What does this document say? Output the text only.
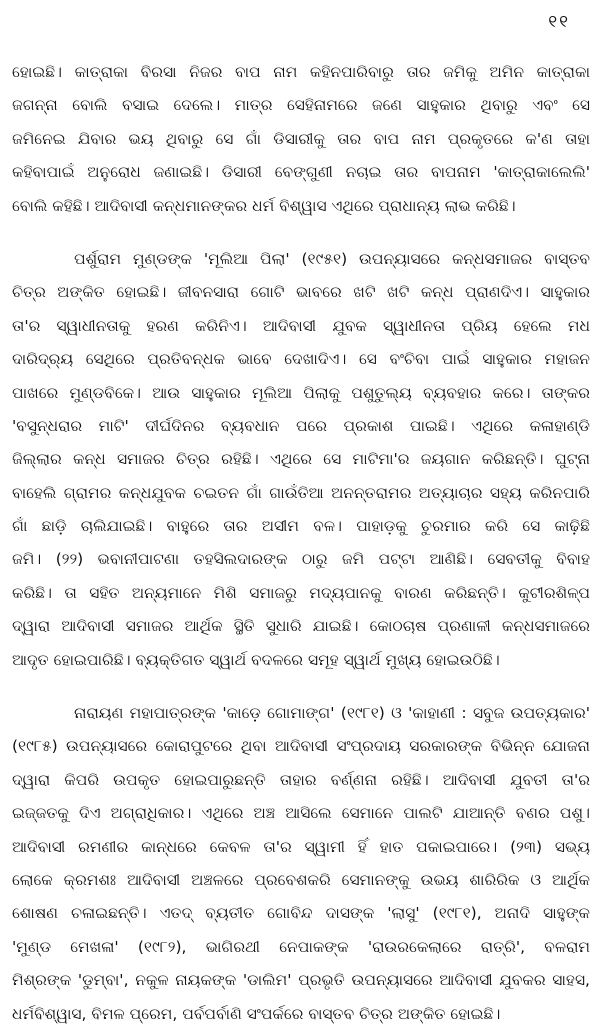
୧୧
ହୋଇଛି। କାତ୍ରାକା ବିରସା ନିଜର ବାପ ନାମ କହିନପାରିବାରୁ ତାର ଜମିକୁ ଅମିନ କାତ୍ରାକା
ଜଗନ୍ନା ବୋଲି ବସାଇ ଦେଲେ। ମାତ୍ର ସେହିନାମରେ ଜଣେ ସାହୁକାର ଥିବାରୁ ଏବଂ ସେ
ଜମିନେଇ ଯିବାର ଭୟ ଥିବାରୁ ସେ ଗାଁ ଡିସାରୀକୁ ତାର ବାପ ନାମ ପ୍ରକୃତରେ କ'ଣ ତାହା
କହିବାପାଇଁ ଅନୁରୋଧ ଜଣାଇଛି। ଡିସାରୀ ବେଙ୍ଗୁଣୀ ନଚାଇ ତାର ବାପନାମ 'କାତ୍ରାକାଲେଲି'
ବୋଲି କହିଛି। ଆଦିବାସୀ କନ୍ଧମାନଙ୍କର ଧର୍ମ ବିଶ୍ୱାସ ଏଥିରେ ପ୍ରାଧାନ୍ୟ ଲାଭ କରିଛି।
ପର୍ଶୁରାମ ମୁଣ୍ଡଙ୍କ 'ମୂଲିଆ ପିଲା' (୧୯୫୧) ଉପନ୍ୟାସରେ କନ୍ଧସମାଜର ବାସ୍ତବ
ଚିତ୍ର ଅଙ୍କିତ ହୋଇଛି। ଜୀବନସାରା ଗୋଟି ଭାବରେ ଖଟି ଖଟି କନ୍ଧ ପ୍ରାଣଦିଏ। ସାହୁକାର
ତା'ର ସ୍ୱାଧୀନତାକୁ ହରଣ କରିନିଏ। ଆଦିବାସୀ ଯୁବକ ସ୍ୱାଧୀନତା ପ୍ରିୟ ହେଲେ ମଧ
ଦାରିଦ୍ର୍ୟ ସେଥିରେ ପ୍ରତିବନ୍ଧକ ଭାବେ ଦେଖାଦିଏ। ସେ ବଂଚିବା ପାଇଁ ସାହୁକାର ମହାଜନ
ପାଖରେ ମୁଣ୍ଡବିକେ। ଆଉ ସାହୁକାର ମୂଲିଆ ପିଲାକୁ ପଶୁତୁଲ୍ୟ ବ୍ୟବହାର କରେ। ତାଙ୍କର
'ବସୁନ୍ଧରାର ମାଟି' ଦୀର୍ଘଦିନର ବ୍ୟବଧାନ ପରେ ପ୍ରକାଶ ପାଇଛି। ଏଥିରେ କଳାହାଣ୍ଡି
ଜିଲ୍ଲାର କନ୍ଧ ସମାଜର ଚିତ୍ର ରହିଛି। ଏଥିରେ ସେ ମାଟିମା'ର ଜୟଗାନ କରିଛନ୍ତି। ଘୁଟ୍ନା
ବାହେଲି ଗ୍ରାମର କନ୍ଧଯୁବକ ଚଇତନ ଗାଁ ଗାଉଁତିଆ ଅନନ୍ତରାମର ଅତ୍ୟାଚାର ସହ୍ୟ କରିନପାରି
ଗାଁ ଛାଡ଼ି ଚାଲିଯାଇଛି। ବାହୁରେ ତାର ଅସୀମ ବଳ। ପାହାଡ଼କୁ ଚୁରମାର କରି ସେ କାଢ଼ିଛି
ଜମି। (୨୨) ଭବାନୀପାଟଣା ତହସିଲଦାରଙ୍କ ଠାରୁ ଜମି ପଟ୍ଟା ଆଣିଛି। ସେବତୀକୁ ବିବାହ
କରିଛି। ତା ସହିତ ଅନ୍ୟମାନେ ମିଶି ସମାଜରୁ ମଦ୍ୟପାନକୁ ବାରଣ କରିଛନ୍ତି। କୁଟୀରଶିଳ୍ପ
ଦ୍ୱାରା ଆଦିବାସୀ ସମାଜର ଆର୍ଥିକ ସ୍ଥିତି ସୁଧାରି ଯାଇଛି। କୋଠଚାଷ ପ୍ରଣାଳୀ କନ୍ଧସମାଜରେ
ଆଦୃତ ହୋଇପାରିଛି। ବ୍ୟକ୍ତିଗତ ସ୍ୱାର୍ଥ ବଦଳରେ ସମୂହ ସ୍ୱାର୍ଥ ମୁଖ୍ୟ ହୋଇଉଠିଛି।
ନାରାୟଣ ମହାପାତ୍ରଙ୍କ 'କାଡ଼େ ଗୋମାଙ୍ଗ' (୧୯୮୧) ଓ 'କାହାଣୀ : ସବୁଜ ଉପତ୍ୟକାର'
(୧୯୮୫) ଉପନ୍ୟାସରେ କୋରାପୁଟରେ ଥିବା ଆଦିବାସୀ ସଂପ୍ରଦାୟ ସରକାରଙ୍କ ବିଭିନ୍ନ ଯୋଜନା
ଦ୍ୱାରା କିପରି ଉପକୃତ ହୋଇପାରୁଛନ୍ତି ତାହାର ବର୍ଣ୍ଣନା ରହିଛି। ଆଦିବାସୀ ଯୁବତୀ ତା'ର
ଇଜ୍ଜତକୁ ଦିଏ ଅଗ୍ରାଧିକାର। ଏଥିରେ ଅଞ୍ଚ ଆସିଲେ ସେମାନେ ପାଲଟି ଯାଆନ୍ତି ବଣର ପଶୁ।
ଆଦିବାସୀ ରମଣୀର କାନ୍ଧରେ କେବଳ ତା'ର ସ୍ୱାମୀ ହିଁ ହାତ ପକାଇପାରେ। (୨୩) ସଭ୍ୟ
ଲୋକେ କ୍ରମଶଃ ଆଦିବାସୀ ଅଞ୍ଚଳରେ ପ୍ରବେଶକରି ସେମାନଙ୍କୁ ଉଭୟ ଶାରିରିକ ଓ ଆର୍ଥିକ
ଶୋଷଣ ଚଳାଇଛନ୍ତି। ଏତଦ୍ ବ୍ୟତୀତ ଗୋବିନ୍ଦ ଦାସଙ୍କ 'ଲାସୁ' (୧୯୮୧), ଅନାଦି ସାହୁଙ୍କ
'ମୁଣ୍ଡ ମେଖଳା' (୧୯୮୨), ଭାଗିରଥୀ ନେପାକଙ୍କ 'ରାଉରକେଲାରେ ରାତ୍ରି', ବଳରାମ
ମିଶ୍ରଙ୍କ 'ଡୁମ୍ବା', ନକୁଳ ନାୟକଙ୍କ 'ଡାଲିମ' ପ୍ରଭୃତି ଉପନ୍ୟାସରେ ଆଦିବାସୀ ଯୁବକର ସାହସ,
ଧର୍ମବିଶ୍ୱାସ, ବିମଳ ପ୍ରେମ, ପର୍ବପର୍ବାଣି ସଂପର୍କରେ ବାସ୍ତବ ଚିତ୍ର ଅଙ୍କିତ ହୋଇଛି।
